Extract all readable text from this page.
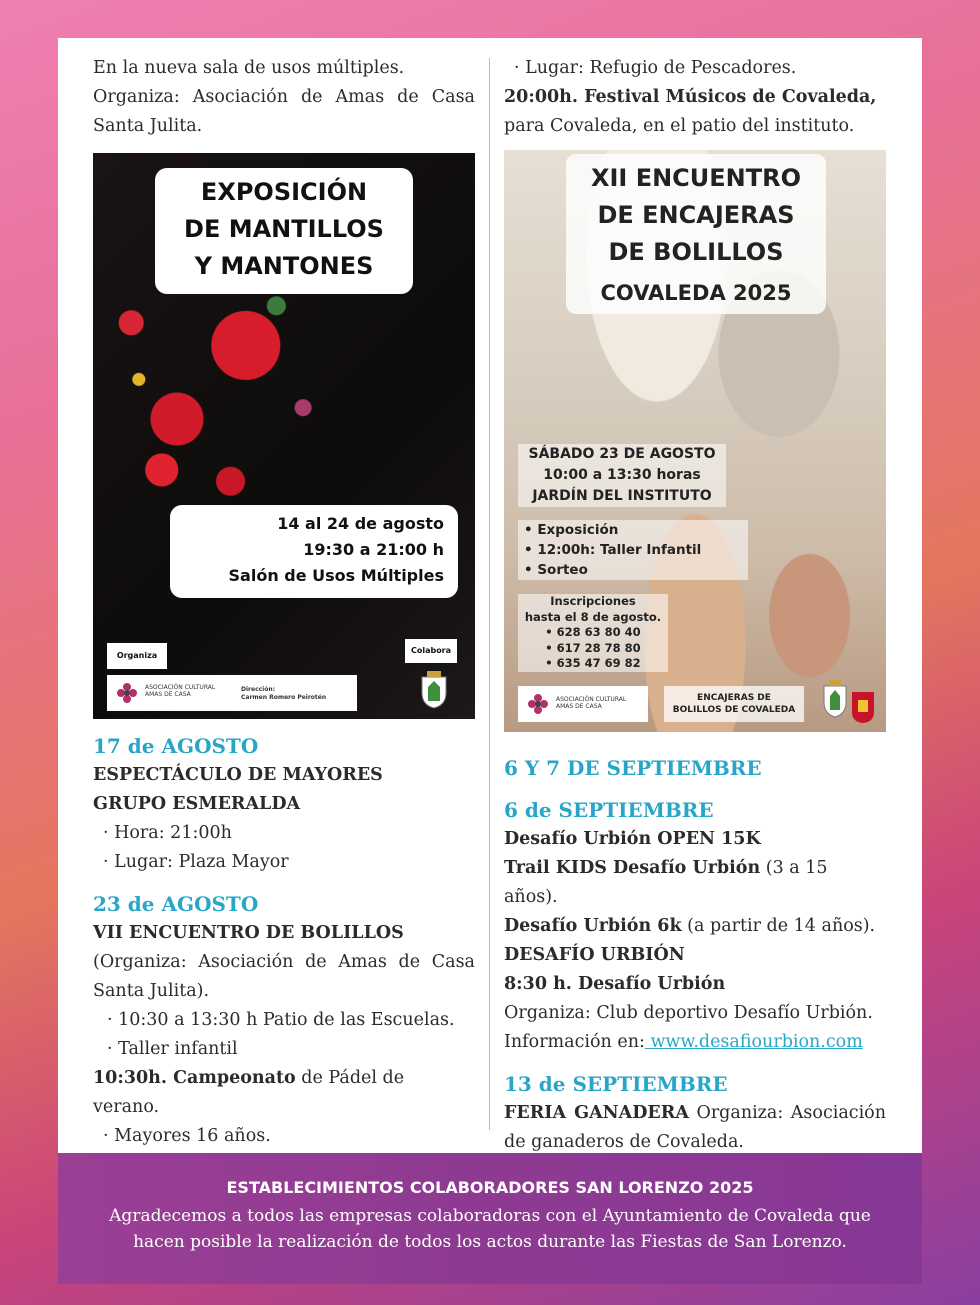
En la nueva sala de usos múltiples.
Organiza: Asociación de Amas de Casa Santa Julita.
17 de AGOSTO
ESPECTÁCULO DE MAYORES
GRUPO ESMERALDA
· Hora: 21:00h
· Lugar: Plaza Mayor
23 de AGOSTO
VII ENCUENTRO DE BOLILLOS
(Organiza: Asociación de Amas de Casa Santa Julita).
· 10:30 a 13:30 h Patio de las Escuelas.
· Taller infantil
10:30h. Campeonato de Pádel de verano.
· Mayores 16 años.
EXPOSICIÓN
DE MANTILLOS
Y MANTONES
14 al 24 de agosto
19:30 a 21:00 h
Salón de Usos Múltiples
Organiza
Colabora
ASOCIACIÓN CULTURAL
AMAS DE CASA
Dirección:
Carmen Romero Peirotén
· Lugar: Refugio de Pescadores.
20:00h. Festival Músicos de Covaleda,
para Covaleda, en el patio del instituto.
6 Y 7 DE SEPTIEMBRE
6 de SEPTIEMBRE
Desafío Urbión OPEN 15K
Trail KIDS Desafío Urbión (3 a 15 años).
Desafío Urbión 6k (a partir de 14 años).
DESAFÍO URBIÓN
8:30 h. Desafío Urbión
Organiza: Club deportivo Desafío Urbión.
Información en: www.desafiourbion.com
13 de SEPTIEMBRE
FERIA GANADERA Organiza: Asociación de ganaderos de Covaleda.
XII ENCUENTRO
DE ENCAJERAS
DE BOLILLOS
COVALEDA 2025
SÁBADO 23 DE AGOSTO
10:00 a 13:30 horas
JARDÍN DEL INSTITUTO
• Exposición
• 12:00h: Taller Infantil
• Sorteo
Inscripciones
hasta el 8 de agosto.
• 628 63 80 40
• 617 28 78 80
• 635 47 69 82
ASOCIACIÓN CULTURAL
AMAS DE CASA
ENCAJERAS DE
BOLILLOS DE COVALEDA
ESTABLECIMIENTOS COLABORADORES SAN LORENZO 2025
Agradecemos a todos las empresas colaboradoras con el Ayuntamiento de Covaleda que hacen posible la realización de todos los actos durante las Fiestas de San Lorenzo.
